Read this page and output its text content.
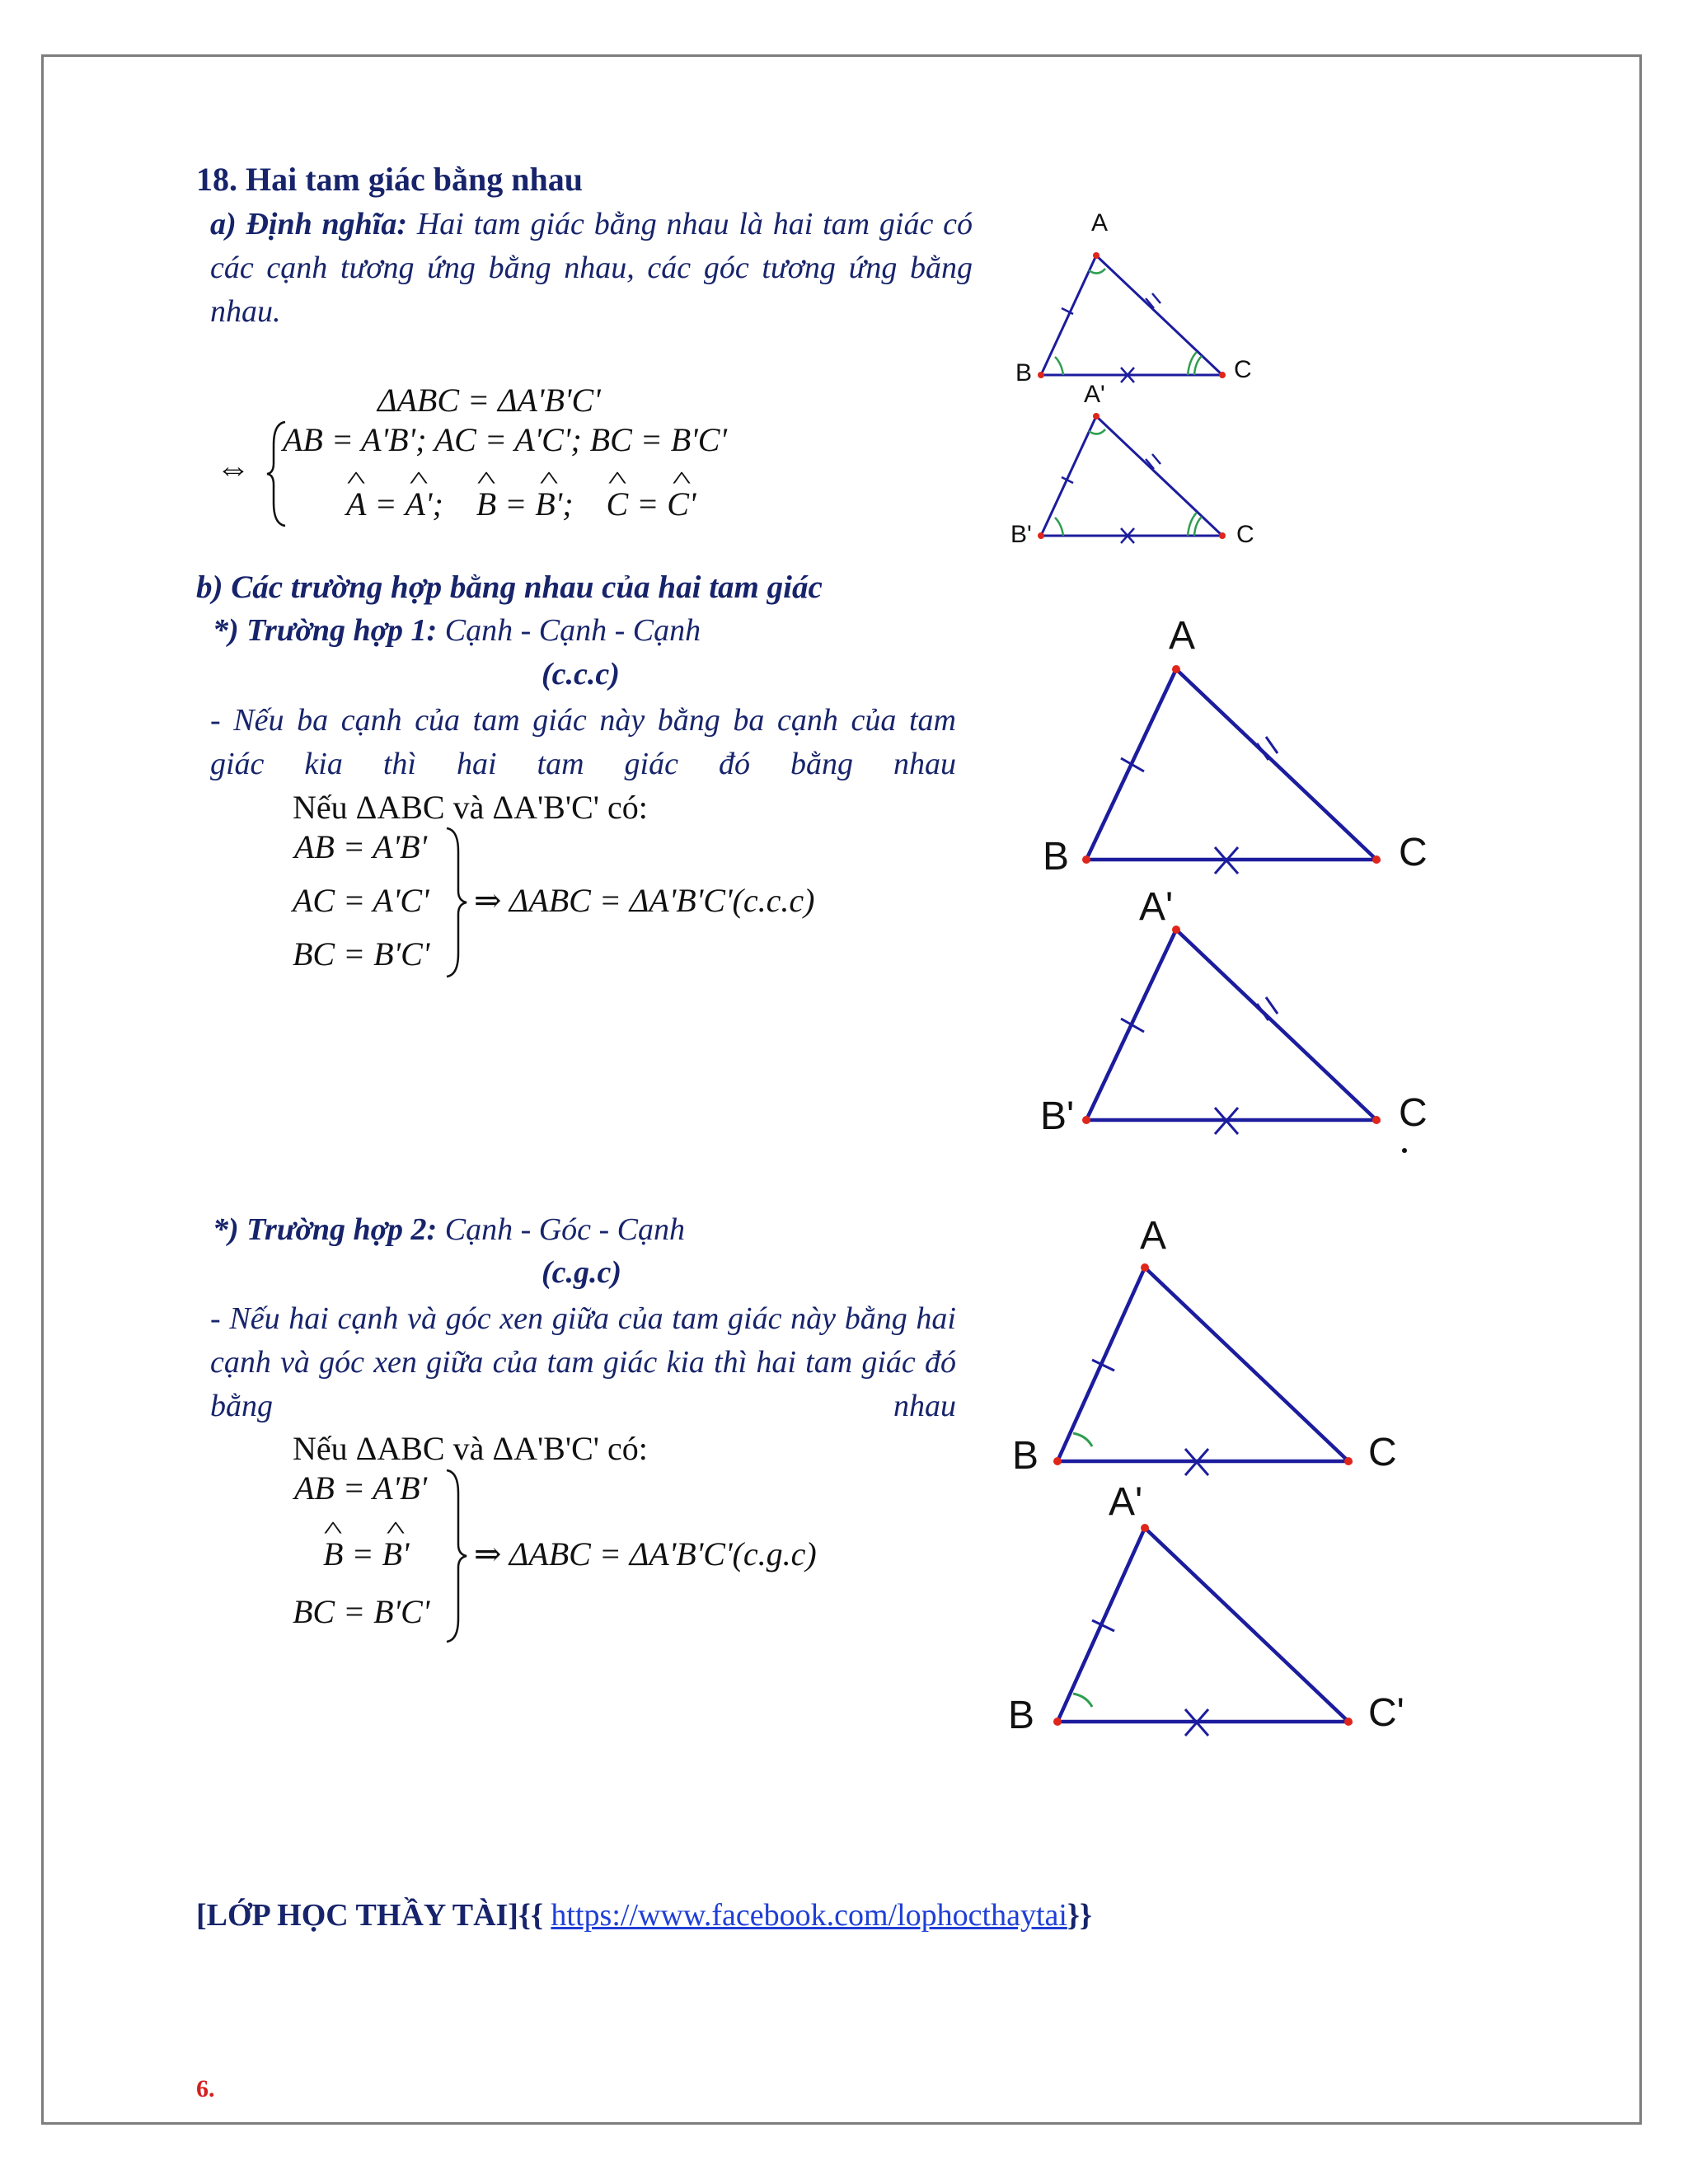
18. Hai tam giác bằng nhau
a) Định nghĩa: Hai tam giác bằng nhau là hai tam giác có các cạnh tương ứng bằng nhau, các góc tương ứng bằng nhau.
ΔABC = ΔA'B'C'
⇔
AB = A'B'; AC = A'C'; BC = B'C'
^ A = ^ A';    ^ B = ^ B';    ^ C = ^ C'
b) Các trường hợp bằng nhau của hai tam giác
*) Trường hợp 1: Cạnh - Cạnh - Cạnh
(c.c.c)
- Nếu ba cạnh của tam giác này bằng ba cạnh của tam giác kia thì hai tam giác đó bằng nhau
Nếu ΔABC và ΔA'B'C' có:
AB = A'B'
AC = A'C'
BC = B'C'
⇒ ΔABC = ΔA'B'C'(c.c.c)
*) Trường hợp 2: Cạnh - Góc - Cạnh
(c.g.c)
- Nếu hai cạnh và góc xen giữa của tam giác này bằng hai cạnh và góc xen giữa của tam giác kia thì hai tam giác đó bằng nhau
Nếu ΔABC và ΔA'B'C' có:
AB = A'B'
^ B = ^ B'
BC = B'C'
⇒ ΔABC = ΔA'B'C'(c.g.c)
A
B	C
A'
B'	C
A
B	C
A'
B'	C
A
B	C
A'
B	C'
[LỚP HỌC THẦY TÀI]{{ https://www.facebook.com/lophocthaytai}}
6.
